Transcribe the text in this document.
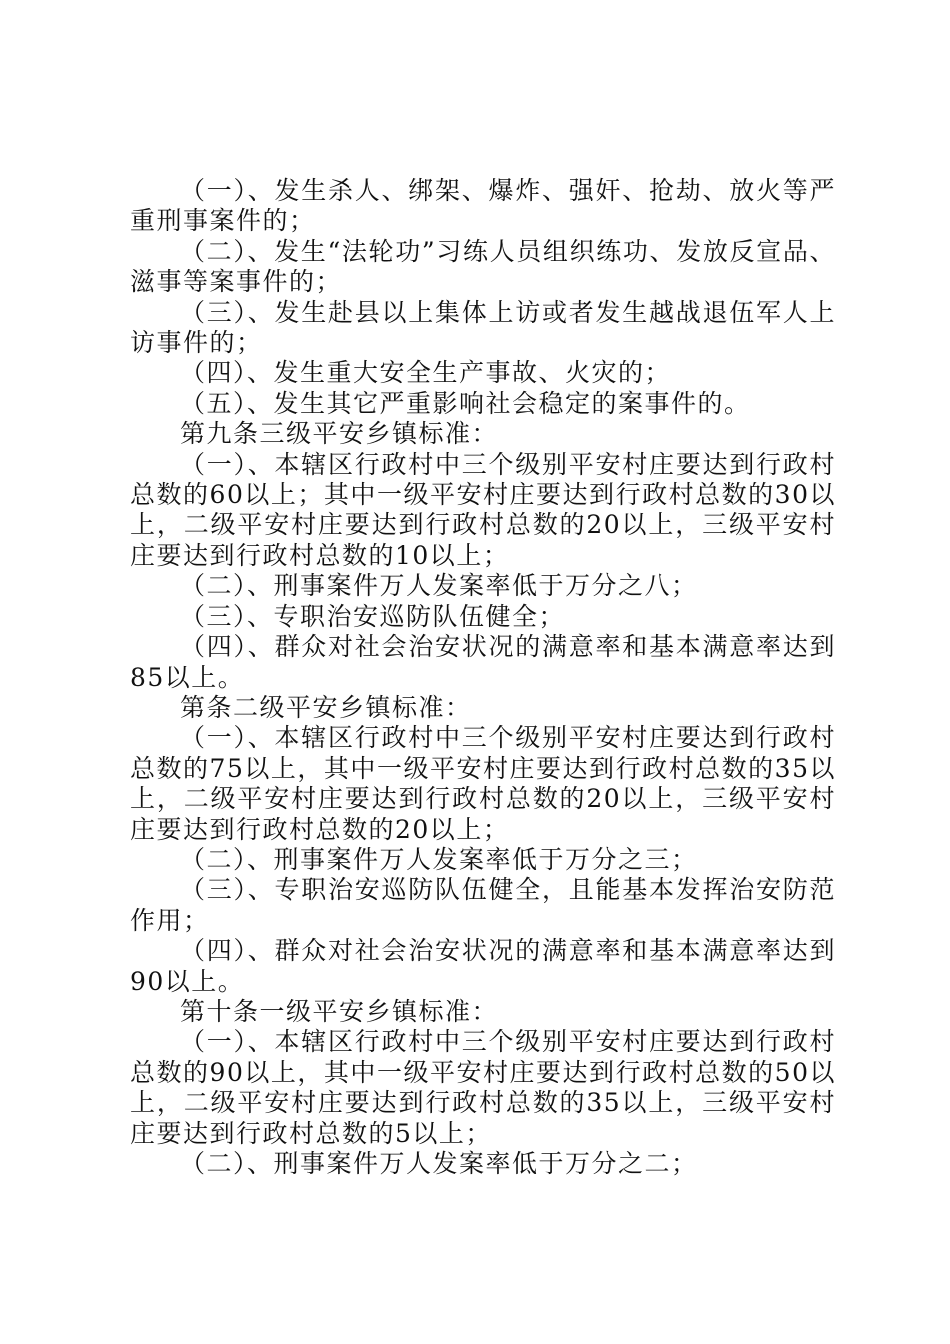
（一）、发生杀人、绑架、爆炸、强奸、抢劫、放火等严重刑事案件的；

（二）、发生“法轮功”习练人员组织练功、发放反宣品、滋事等案事件的；

（三）、发生赴县以上集体上访或者发生越战退伍军人上访事件的；

（四）、发生重大安全生产事故、火灾的；

（五）、发生其它严重影响社会稳定的案事件的。

第九条三级平安乡镇标准：

（一）、本辖区行政村中三个级别平安村庄要达到行政村总数的60以上；其中一级平安村庄要达到行政村总数的30以上，二级平安村庄要达到行政村总数的20以上，三级平安村庄要达到行政村总数的10以上；

（二）、刑事案件万人发案率低于万分之八；

（三）、专职治安巡防队伍健全；

（四）、群众对社会治安状况的满意率和基本满意率达到85以上。

第条二级平安乡镇标准：

（一）、本辖区行政村中三个级别平安村庄要达到行政村总数的75以上，其中一级平安村庄要达到行政村总数的35以上，二级平安村庄要达到行政村总数的20以上，三级平安村庄要达到行政村总数的20以上；

（二）、刑事案件万人发案率低于万分之三；

（三）、专职治安巡防队伍健全，且能基本发挥治安防范作用；

（四）、群众对社会治安状况的满意率和基本满意率达到90以上。

第十条一级平安乡镇标准：

（一）、本辖区行政村中三个级别平安村庄要达到行政村总数的90以上，其中一级平安村庄要达到行政村总数的50以上，二级平安村庄要达到行政村总数的35以上，三级平安村庄要达到行政村总数的5以上；

（二）、刑事案件万人发案率低于万分之二；
